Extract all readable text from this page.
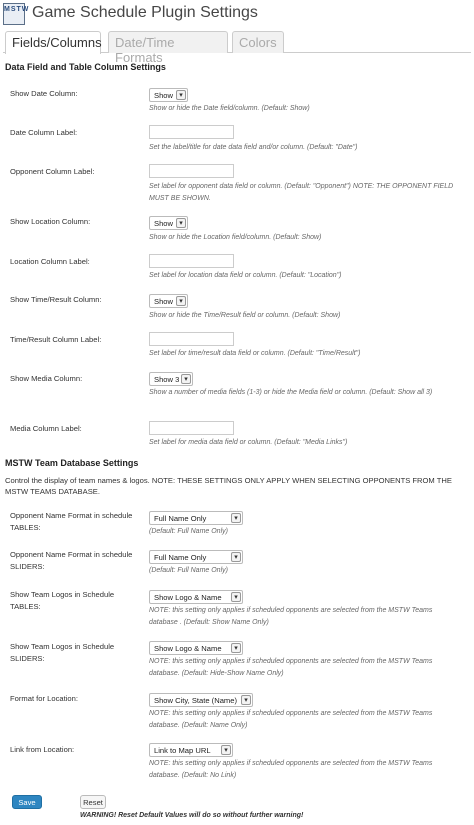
MSTW Game Schedule Plugin Settings
Fields/Columns	Date/Time Formats
Colors
Data Field and Table Column Settings
Show Date Column:	Show ▾
Show or hide the Date field/column. (Default: Show)
Date Column Label:
Set the label/title for date data field and/or column. (Default: "Date")
Opponent Column Label:
Set label for opponent data field or column. (Default: "Opponent") NOTE: THE OPPONENT FIELD MUST BE SHOWN.
Show Location Column:	Show ▾
Show or hide the Location field/column. (Default: Show)
Location Column Label:
Set label for location data field or column. (Default: "Location")
Show Time/Result Column:	Show ▾
Show or hide the Time/Result field or column. (Default: Show)
Time/Result Column Label:
Set label for time/result data field or column. (Default: "Time/Result")
Show Media Column:	Show 3 ▾
Show a number of media fields (1-3) or hide the Media field or column. (Default: Show all 3)
Media Column Label:
Set label for media data field or column. (Default: "Media Links")
MSTW Team Database Settings
Control the display of team names & logos. NOTE: THESE SETTINGS ONLY APPLY WHEN SELECTING OPPONENTS FROM THE MSTW TEAMS DATABASE.
Opponent Name Format in schedule TABLES:
Full Name Only	▾
(Default: Full Name Only)
Opponent Name Format in schedule SLIDERS:
Full Name Only	▾
(Default: Full Name Only)
Show Team Logos in Schedule TABLES:
Show Logo & Name	▾
NOTE: this setting only applies if scheduled opponents are selected from the MSTW Teams database . (Default: Show Name Only)
Show Team Logos in Schedule SLIDERS:
Show Logo & Name	▾
NOTE: this setting only applies if scheduled opponents are selected from the MSTW Teams database. (Default: Hide-Show Name Only)
Format for Location:	Show City, State (Name)	▾
NOTE: this setting only applies if scheduled opponents are selected from the MSTW Teams database. (Default: Name Only)
Link from Location:	Link to Map URL	▾
NOTE: this setting only applies if scheduled opponents are selected from the MSTW Teams database. (Default: No Link)
Save	Reset
WARNING! Reset Default Values will do so without further warning!
